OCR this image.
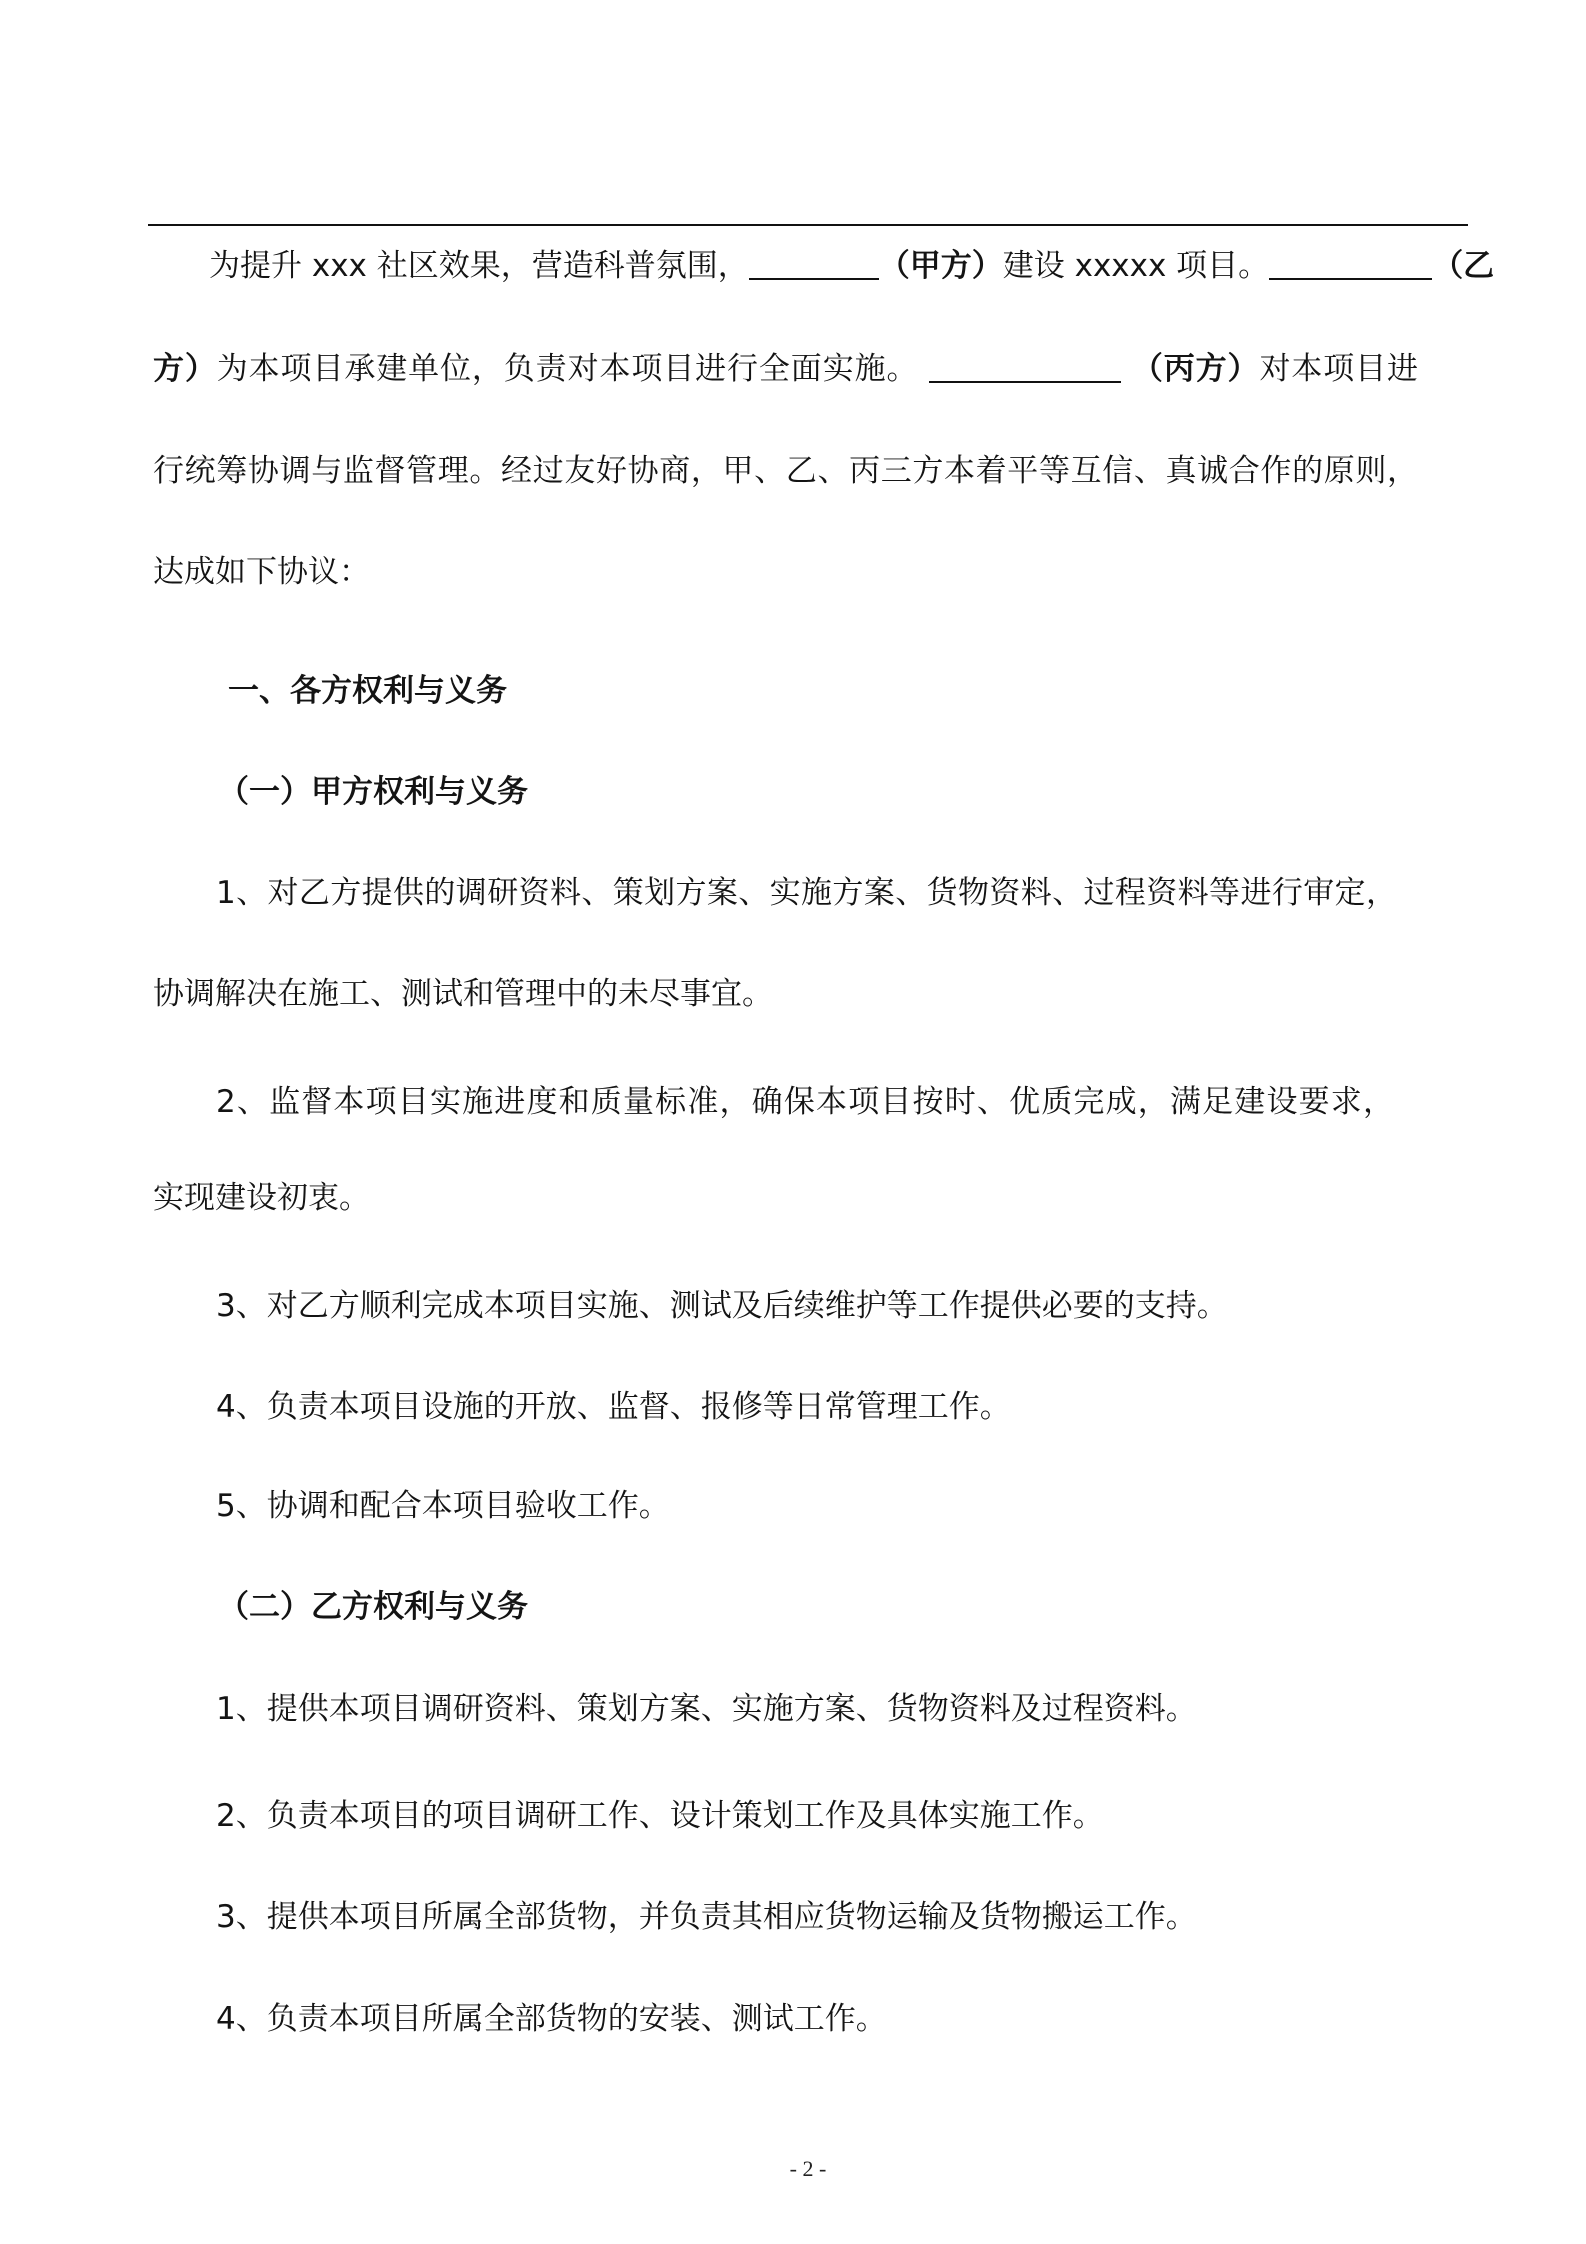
为提升 xxx 社区效果，营造科普氛围，	（甲方）建设 xxxxx 项目。	（乙
方）为本项目承建单位，负责对本项目进行全面实施。	（丙方）对本项目进
行统筹协调与监督管理。经过友好协商，甲、乙、丙三方本着平等互信、真诚合作的原则，
达成如下协议：
一、各方权利与义务
（一）甲方权利与义务
1、对乙方提供的调研资料、策划方案、实施方案、货物资料、过程资料等进行审定，
协调解决在施工、测试和管理中的未尽事宜。
2、监督本项目实施进度和质量标准，确保本项目按时、优质完成，满足建设要求，
实现建设初衷。
3、对乙方顺利完成本项目实施、测试及后续维护等工作提供必要的支持。
4、负责本项目设施的开放、监督、报修等日常管理工作。
5、协调和配合本项目验收工作。
（二）乙方权利与义务
1、提供本项目调研资料、策划方案、实施方案、货物资料及过程资料。
2、负责本项目的项目调研工作、设计策划工作及具体实施工作。
3、提供本项目所属全部货物，并负责其相应货物运输及货物搬运工作。
4、负责本项目所属全部货物的安装、测试工作。
- 2 -
